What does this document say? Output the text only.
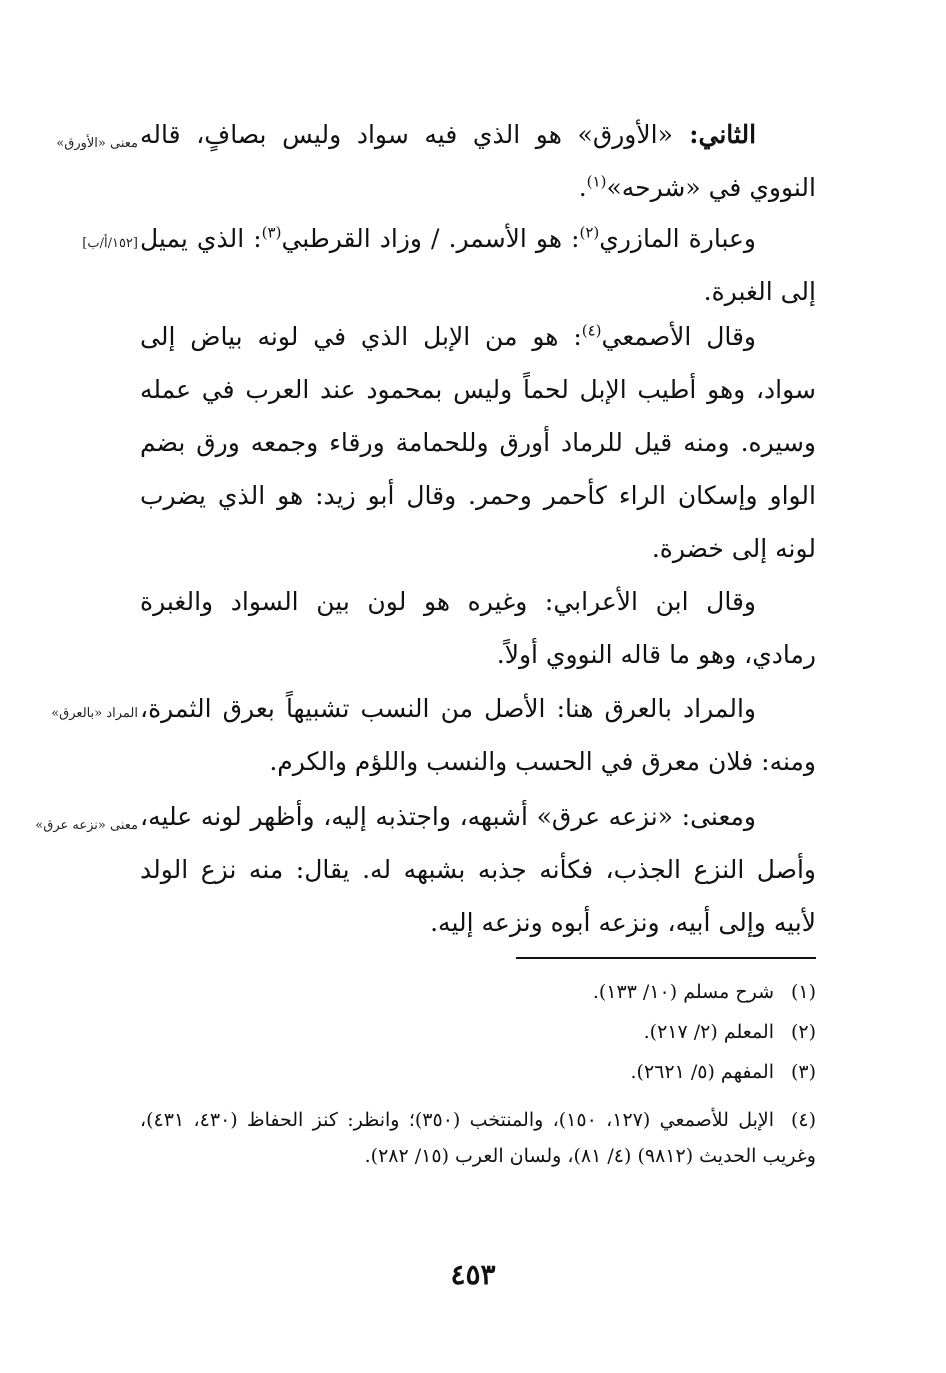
الثاني: «الأورق» هو الذي فيه سواد وليس بصافٍ، قاله النووي في «شرحه»$^{(١)}$.
معنى «الأورق»
وعبارة المازري$^{(٢)}$: هو الأسمر. / وزاد القرطبي$^{(٣)}$: الذي يميل إلى الغبرة.
[١٥٢/أ/ب]
وقال الأصمعي$^{(٤)}$: هو من الإبل الذي في لونه بياض إلى سواد، وهو أطيب الإبل لحماً وليس بمحمود عند العرب في عمله وسيره. ومنه قيل للرماد أورق وللحمامة ورقاء وجمعه ورق بضم الواو وإسكان الراء كأحمر وحمر. وقال أبو زيد: هو الذي يضرب لونه إلى خضرة.
وقال ابن الأعرابي: وغيره هو لون بين السواد والغبرة رمادي، وهو ما قاله النووي أولاً.
والمراد بالعرق هنا: الأصل من النسب تشبيهاً بعرق الثمرة، ومنه: فلان معرق في الحسب والنسب واللؤم والكرم.
المراد «بالعرق»
ومعنى: «نزعه عرق» أشبهه، واجتذبه إليه، وأظهر لونه عليه، وأصل النزع الجذب، فكأنه جذبه بشبهه له. يقال: منه نزع الولد لأبيه وإلى أبيه، ونزعه أبوه ونزعه إليه.
معنى «نزعه عرق»
(١)شرح مسلم (١٠/ ١٣٣).
(٢)المعلم (٢/ ٢١٧).
(٣)المفهم (٥/ ٢٦٢١).
(٤)الإبل للأصمعي (١٢٧، ١٥٠)، والمنتخب (٣٥٠)؛ وانظر: كنز الحفاظ (٤٣٠، ٤٣١)، وغريب الحديث (٩٨١٢) (٤/ ٨١)، ولسان العرب (١٥/ ٢٨٢).
٤٥٣
